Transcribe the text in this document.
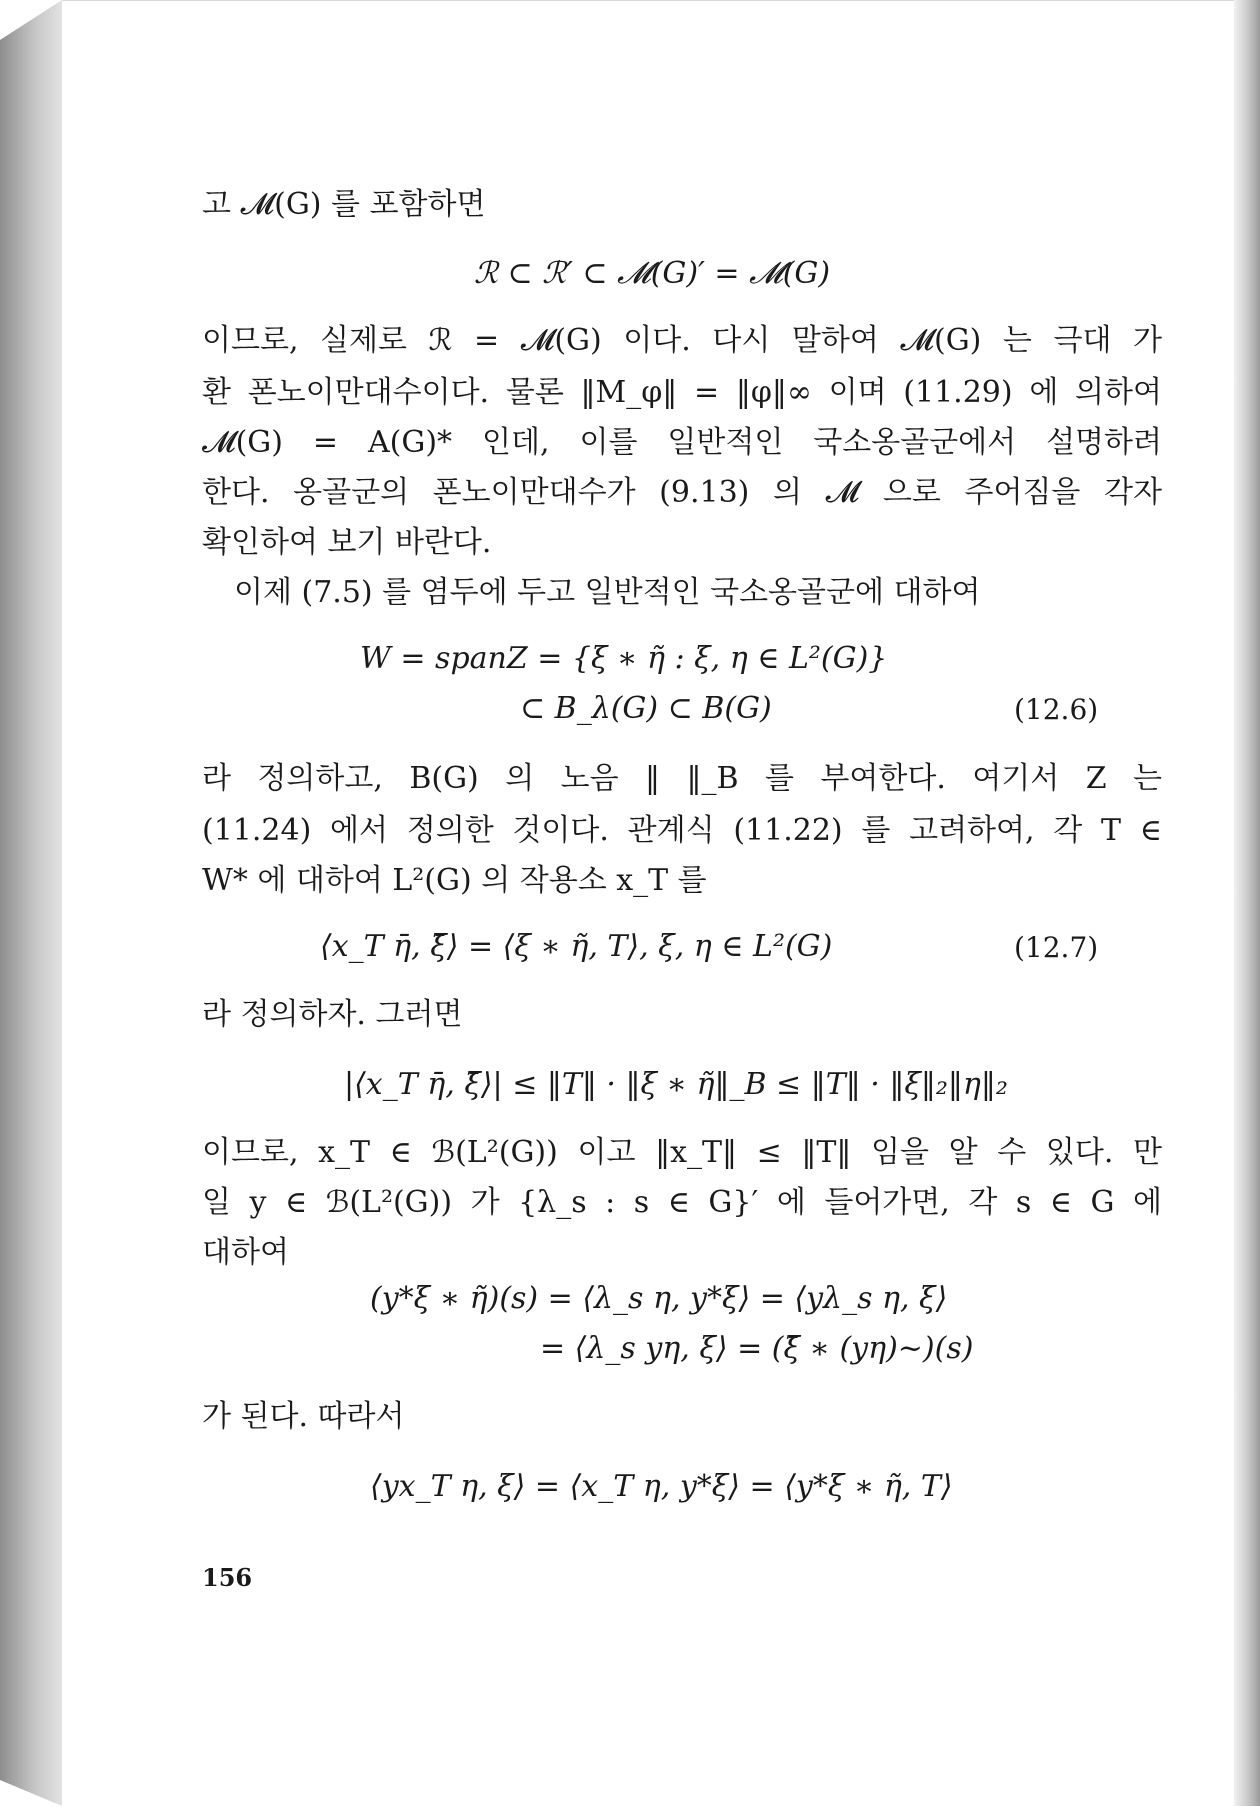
고 𝓜(G) 를 포함하면
ℛ ⊂ ℛ′ ⊂ 𝓜(G)′ = 𝓜(G)
이므로, 실제로 ℛ = 𝓜(G) 이다. 다시 말하여 𝓜(G) 는 극대 가
환 폰노이만대수이다. 물론 ‖M_φ‖ = ‖φ‖∞ 이며 (11.29) 에 의하여
𝓜(G) = A(G)* 인데, 이를 일반적인 국소옹골군에서 설명하려
한다. 옹골군의 폰노이만대수가 (9.13) 의 𝓜 으로 주어짐을 각자
확인하여 보기 바란다.
이제 (7.5) 를 염두에 두고 일반적인 국소옹골군에 대하여
W = spanZ = {ξ ∗ η̃ : ξ, η ∈ L²(G)}
⊂ B_λ(G) ⊂ B(G)	(12.6)
라 정의하고, B(G) 의 노음 ‖ ‖_B 를 부여한다. 여기서 Z 는
(11.24) 에서 정의한 것이다. 관계식 (11.22) 를 고려하여, 각 T ∈
W* 에 대하여 L²(G) 의 작용소 x_T 를
⟨x_T η̄, ξ̄⟩ = ⟨ξ ∗ η̃, T⟩, ξ, η ∈ L²(G)	(12.7)
라 정의하자. 그러면
|⟨x_T η̄, ξ̄⟩| ≤ ‖T‖ · ‖ξ ∗ η̃‖_B ≤ ‖T‖ · ‖ξ‖₂‖η‖₂
이므로, x_T ∈ ℬ(L²(G)) 이고 ‖x_T‖ ≤ ‖T‖ 임을 알 수 있다. 만
일 y ∈ ℬ(L²(G)) 가 {λ_s : s ∈ G}′ 에 들어가면, 각 s ∈ G 에
대하여
(y*ξ ∗ η̃)(s) = ⟨λ_s η, y*ξ⟩ = ⟨yλ_s η, ξ⟩
= ⟨λ_s yη, ξ⟩ = (ξ̄ ∗ (yη)~)(s)
가 된다. 따라서
⟨yx_T η, ξ⟩ = ⟨x_T η, y*ξ⟩ = ⟨y*ξ ∗ η̃, T⟩
156
